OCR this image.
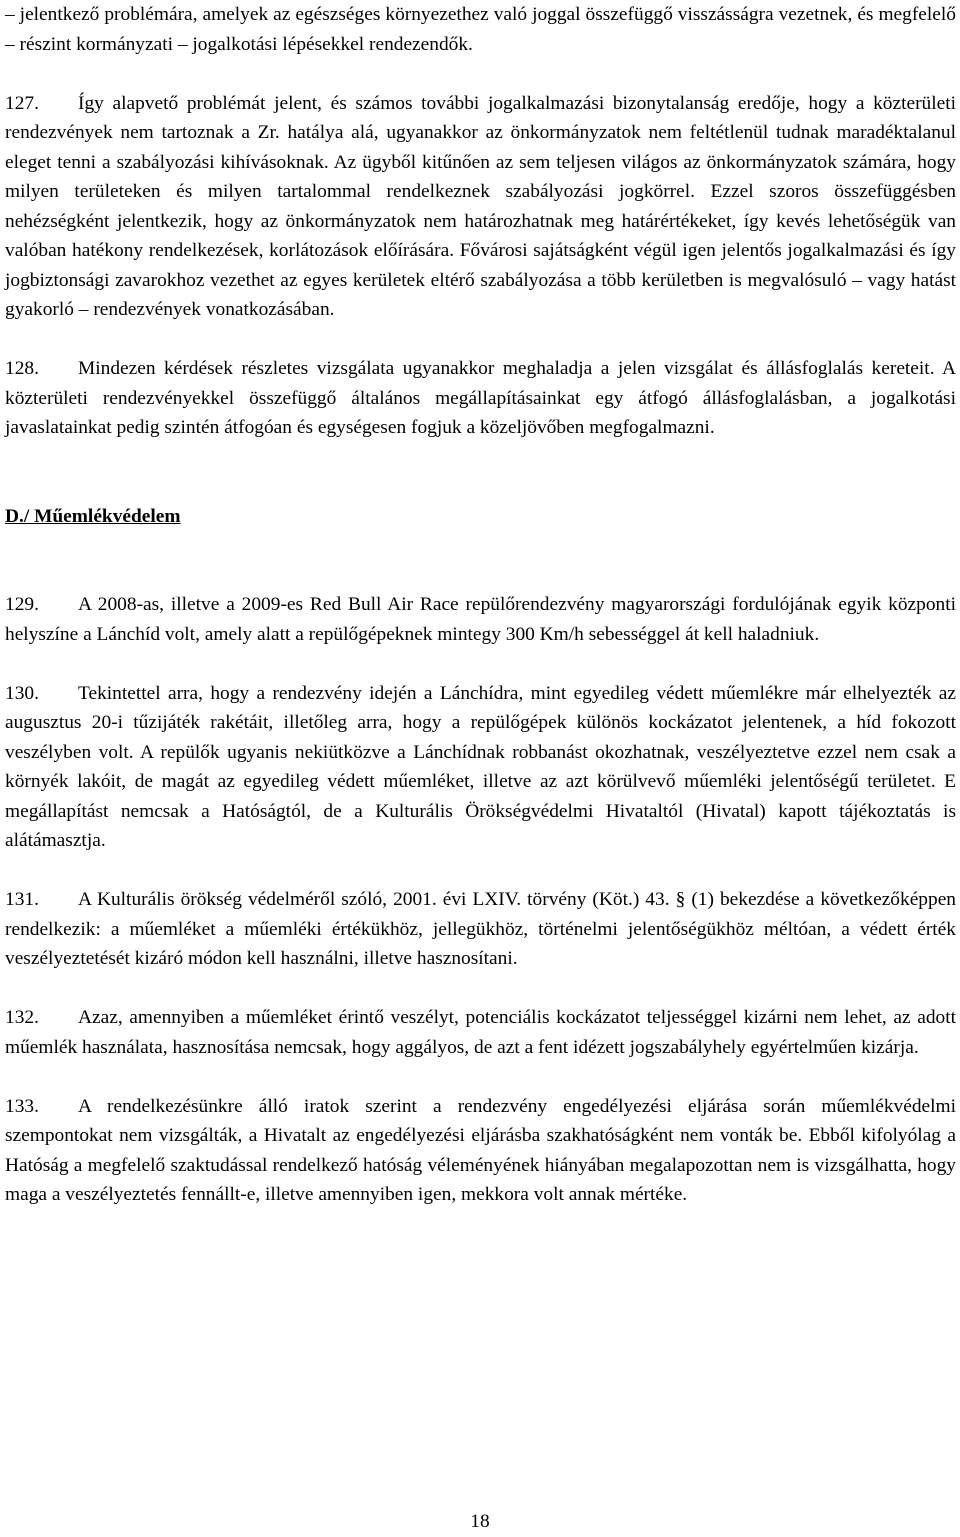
– jelentkező problémára, amelyek az egészséges környezethez való joggal összefüggő visszásságra vezetnek, és megfelelő – részint kormányzati – jogalkotási lépésekkel rendezendők.

127. Így alapvető problémát jelent, és számos további jogalkalmazási bizonytalanság eredője, hogy a közterületi rendezvények nem tartoznak a Zr. hatálya alá, ugyanakkor az önkormányzatok nem feltétlenül tudnak maradéktalanul eleget tenni a szabályozási kihívásoknak. Az ügyből kitűnően az sem teljesen világos az önkormányzatok számára, hogy milyen területeken és milyen tartalommal rendelkeznek szabályozási jogkörrel. Ezzel szoros összefüggésben nehézségként jelentkezik, hogy az önkormányzatok nem határozhatnak meg határértékeket, így kevés lehetőségük van valóban hatékony rendelkezések, korlátozások előírására. Fővárosi sajátságként végül igen jelentős jogalkalmazási és így jogbiztonsági zavarokhoz vezethet az egyes kerületek eltérő szabályozása a több kerületben is megvalósuló – vagy hatást gyakorló – rendezvények vonatkozásában.

128. Mindezen kérdések részletes vizsgálata ugyanakkor meghaladja a jelen vizsgálat és állásfoglalás kereteit. A közterületi rendezvényekkel összefüggő általános megállapításainkat egy átfogó állásfoglalásban, a jogalkotási javaslatainkat pedig szintén átfogóan és egységesen fogjuk a közeljövőben megfogalmazni.

D./ Műemlékvédelem

129. A 2008-as, illetve a 2009-es Red Bull Air Race repülőrendezvény magyarországi fordulójának egyik központi helyszíne a Lánchíd volt, amely alatt a repülőgépeknek mintegy 300 Km/h sebességgel át kell haladniuk.

130. Tekintettel arra, hogy a rendezvény idején a Lánchídra, mint egyedileg védett műemlékre már elhelyezték az augusztus 20-i tűzijáték rakétáit, illetőleg arra, hogy a repülőgépek különös kockázatot jelentenek, a híd fokozott veszélyben volt. A repülők ugyanis nekiütközve a Lánchídnak robbanást okozhatnak, veszélyeztetve ezzel nem csak a környék lakóit, de magát az egyedileg védett műemléket, illetve az azt körülvevő műemléki jelentőségű területet. E megállapítást nemcsak a Hatóságtól, de a Kulturális Örökségvédelmi Hivataltól (Hivatal) kapott tájékoztatás is alátámasztja.

131. A Kulturális örökség védelméről szóló, 2001. évi LXIV. törvény (Köt.) 43. § (1) bekezdése a következőképpen rendelkezik: a műemléket a műemléki értékükhöz, jellegükhöz, történelmi jelentőségükhöz méltóan, a védett érték veszélyeztetését kizáró módon kell használni, illetve hasznosítani.

132. Azaz, amennyiben a műemléket érintő veszélyt, potenciális kockázatot teljességgel kizárni nem lehet, az adott műemlék használata, hasznosítása nemcsak, hogy aggályos, de azt a fent idézett jogszabályhely egyértelműen kizárja.

133. A rendelkezésünkre álló iratok szerint a rendezvény engedélyezési eljárása során műemlékvédelmi szempontokat nem vizsgálták, a Hivatalt az engedélyezési eljárásba szakhatóságként nem vonták be. Ebből kifolyólag a Hatóság a megfelelő szaktudással rendelkező hatóság véleményének hiányában megalapozottan nem is vizsgálhatta, hogy maga a veszélyeztetés fennállt-e, illetve amennyiben igen, mekkora volt annak mértéke.

18
